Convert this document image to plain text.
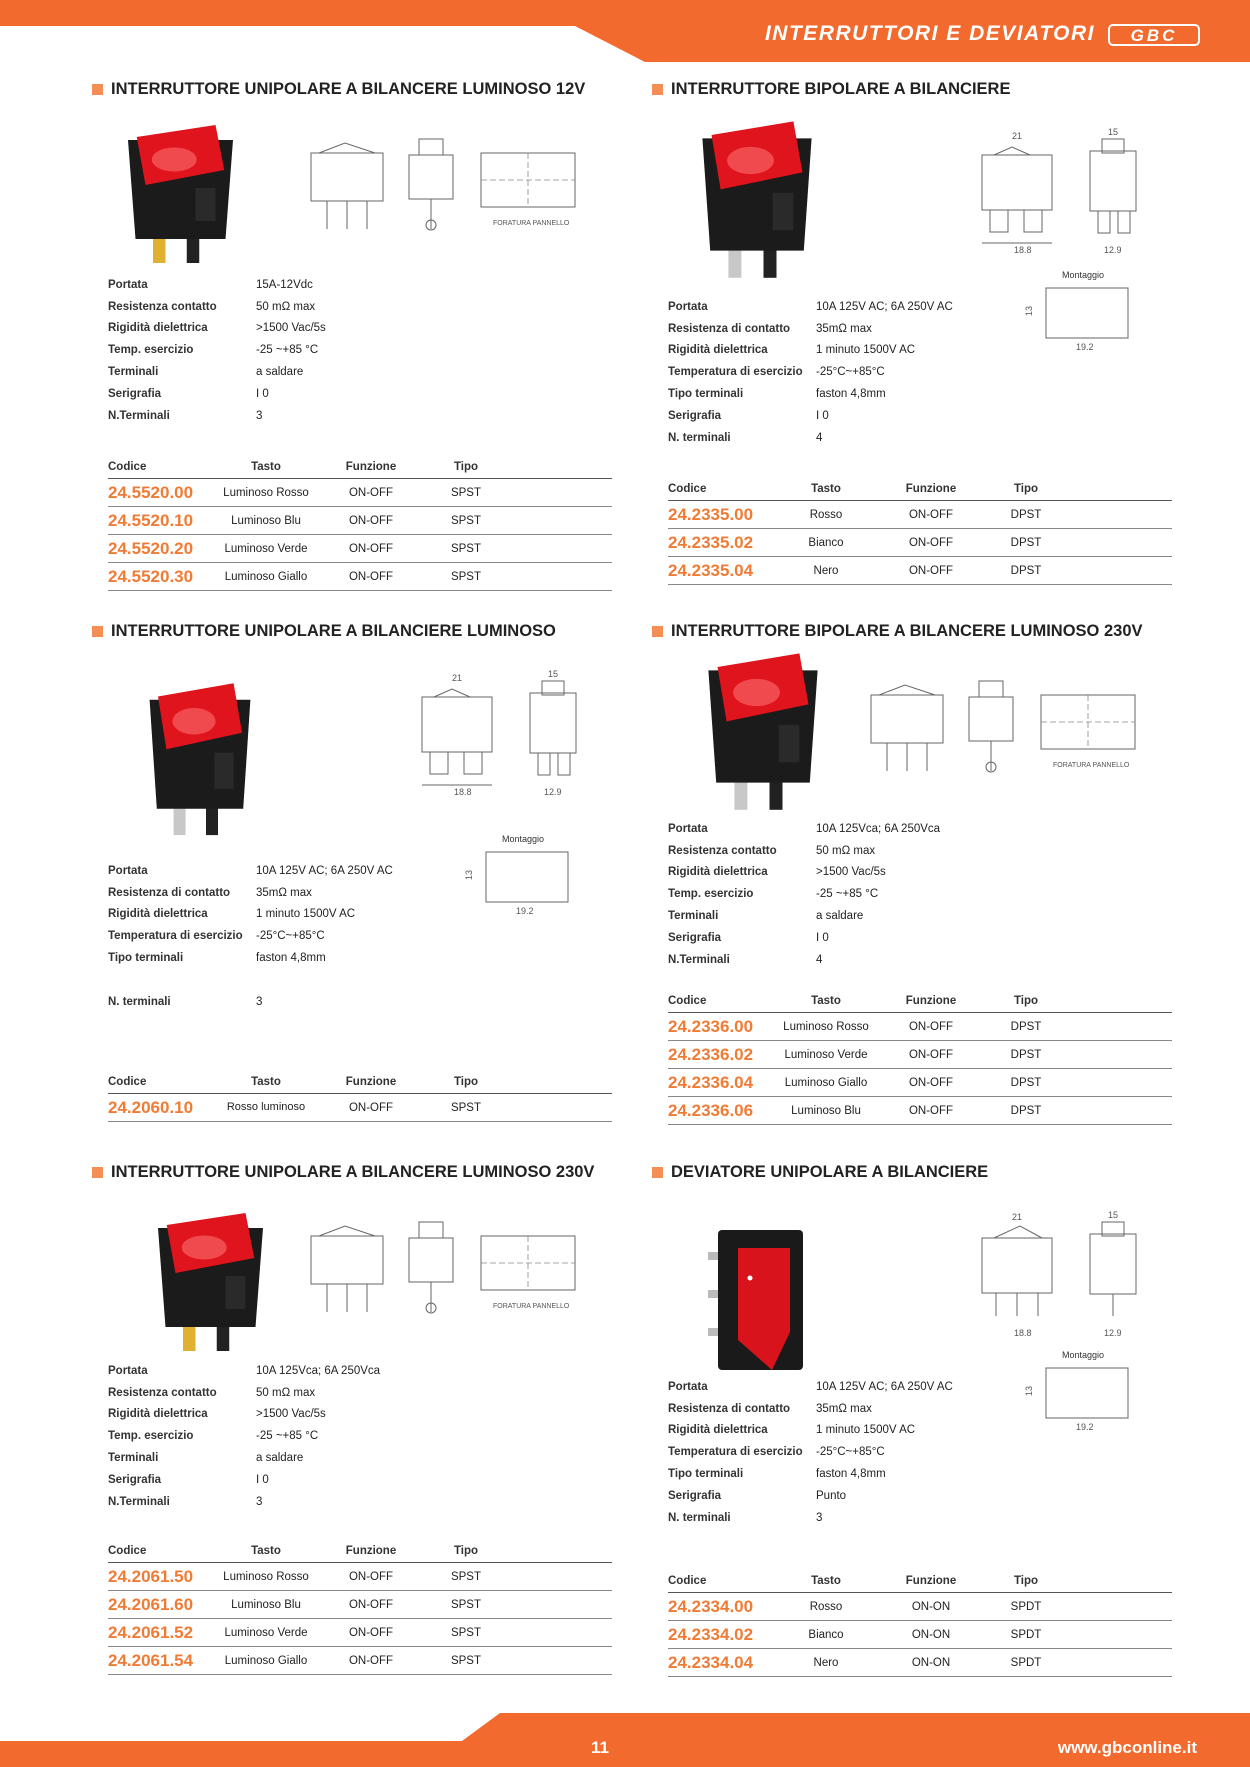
INTERRUTTORI E DEVIATORI GBC
11	www.gbconline.it
INTERRUTTORE UNIPOLARE A BILANCERE LUMINOSO 12V
FORATURA PANNELLO
Portata	15A-12Vdc
Resistenza contatto	50 mΩ max
Rigidità dielettrica	>1500 Vac/5s
Temp. esercizio	-25 ~+85 °C
Terminali	a saldare
Serigrafia	I 0
N.Terminali	3
Codice	Tasto	Funzione	Tipo
24.5520.00	Luminoso Rosso	ON-OFF	SPST
24.5520.10	Luminoso Blu	ON-OFF	SPST
24.5520.20	Luminoso Verde	ON-OFF	SPST
24.5520.30	Luminoso Giallo	ON-OFF	SPST
INTERRUTTORE BIPOLARE A BILANCIERE
18.8
21	15
12.9
Montaggio
13
19.2
Portata	10A 125V AC; 6A 250V AC
Resistenza di contatto	35mΩ max
Rigidità dielettrica	1 minuto 1500V AC
Temperatura di esercizio	-25°C~+85°C
Tipo terminali	faston 4,8mm
Serigrafia	I 0
N. terminali	4
Codice	Tasto	Funzione	Tipo
24.2335.00	Rosso	ON-OFF	DPST
24.2335.02	Bianco	ON-OFF	DPST
24.2335.04	Nero	ON-OFF	DPST
INTERRUTTORE UNIPOLARE A BILANCIERE LUMINOSO
18.8
21	15
12.9
Montaggio
13
19.2
Portata	10A 125V AC; 6A 250V AC
Resistenza di contatto	35mΩ max
Rigidità dielettrica	1 minuto 1500V AC
Temperatura di esercizio	-25°C~+85°C
Tipo terminali	faston 4,8mm
N. terminali	3
Codice	Tasto	Funzione	Tipo
24.2060.10	Rosso luminoso	ON-OFF	SPST
INTERRUTTORE BIPOLARE A BILANCERE LUMINOSO 230V
FORATURA PANNELLO
Portata	10A 125Vca; 6A 250Vca
Resistenza contatto	50 mΩ max
Rigidità dielettrica	>1500 Vac/5s
Temp. esercizio	-25 ~+85 °C
Terminali	a saldare
Serigrafia	I 0
N.Terminali	4
Codice	Tasto	Funzione	Tipo
24.2336.00	Luminoso Rosso	ON-OFF	DPST
24.2336.02	Luminoso Verde	ON-OFF	DPST
24.2336.04	Luminoso Giallo	ON-OFF	DPST
24.2336.06	Luminoso Blu	ON-OFF	DPST
INTERRUTTORE UNIPOLARE A BILANCERE LUMINOSO 230V
FORATURA PANNELLO
Portata	10A 125Vca; 6A 250Vca
Resistenza contatto	50 mΩ max
Rigidità dielettrica	>1500 Vac/5s
Temp. esercizio	-25 ~+85 °C
Terminali	a saldare
Serigrafia	I 0
N.Terminali	3
Codice	Tasto	Funzione	Tipo
24.2061.50	Luminoso Rosso	ON-OFF	SPST
24.2061.60	Luminoso Blu	ON-OFF	SPST
24.2061.52	Luminoso Verde	ON-OFF	SPST
24.2061.54	Luminoso Giallo	ON-OFF	SPST
DEVIATORE UNIPOLARE A BILANCIERE
18.8
21	15
12.9
Montaggio
13
19.2
Portata	10A 125V AC; 6A 250V AC
Resistenza di contatto	35mΩ max
Rigidità dielettrica	1 minuto 1500V AC
Temperatura di esercizio	-25°C~+85°C
Tipo terminali	faston 4,8mm
Serigrafia	Punto
N. terminali	3
Codice	Tasto	Funzione	Tipo
24.2334.00	Rosso	ON-ON	SPDT
24.2334.02	Bianco	ON-ON	SPDT
24.2334.04	Nero	ON-ON	SPDT
